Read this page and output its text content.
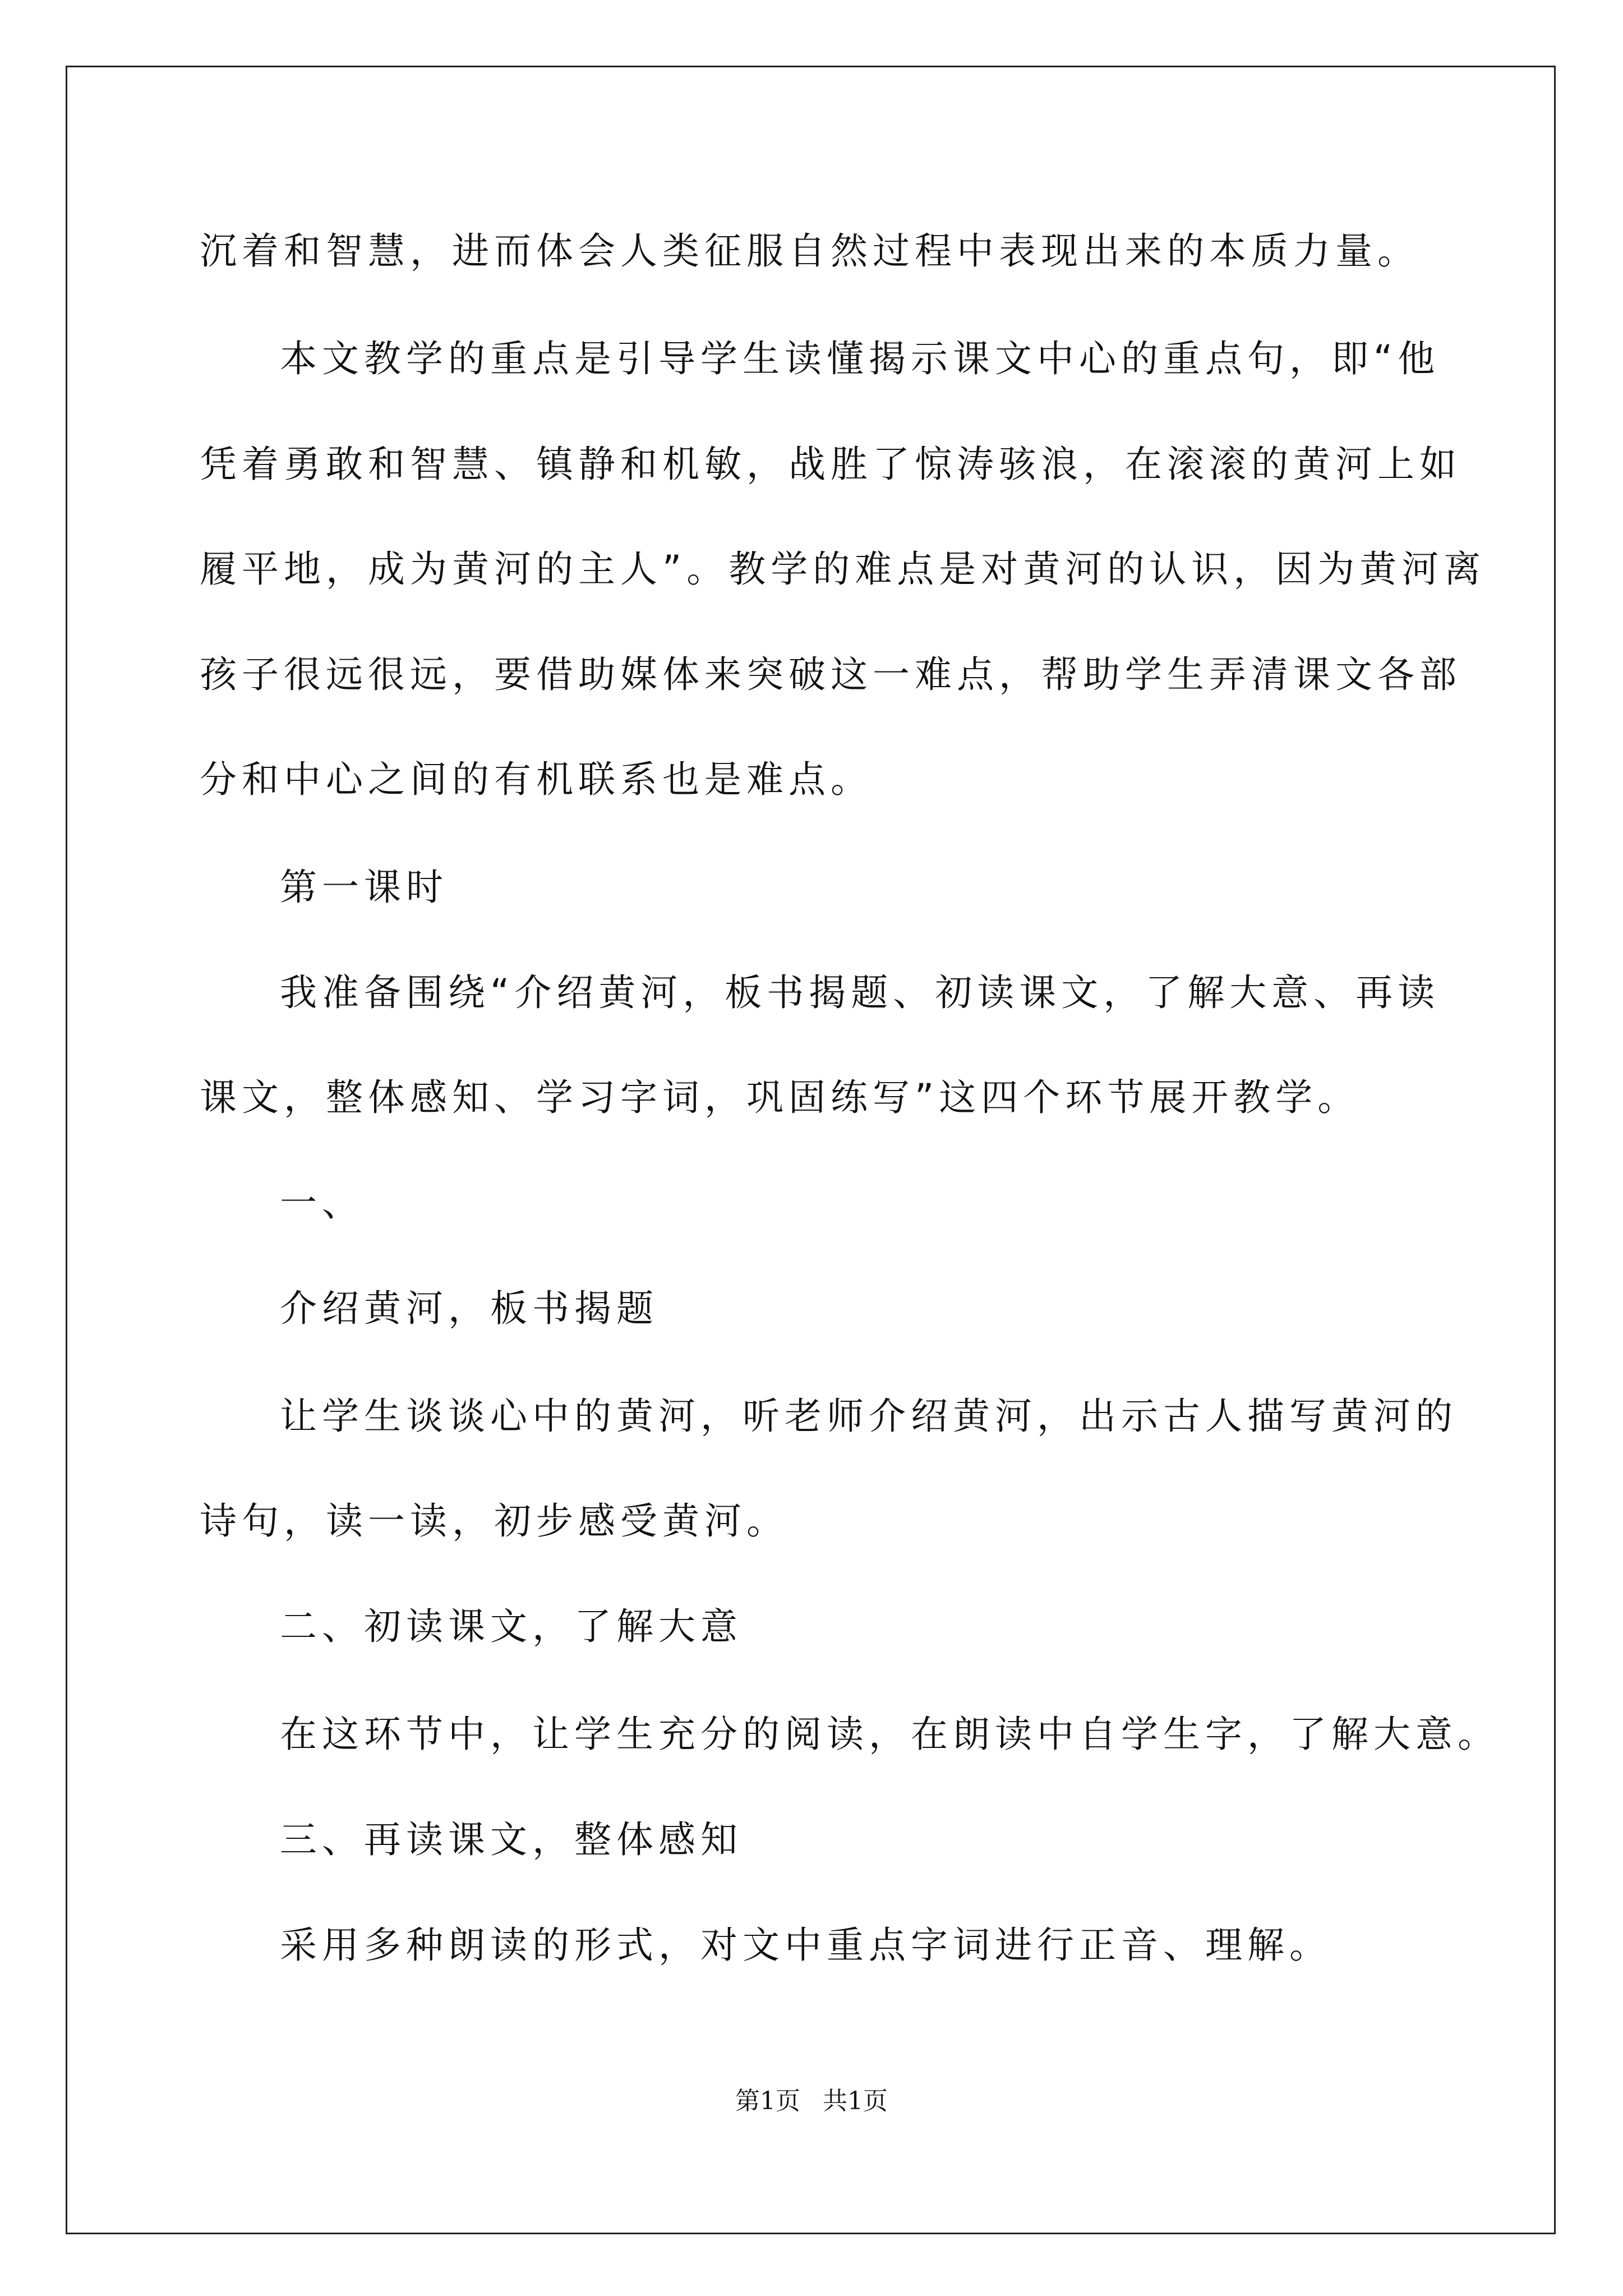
沉着和智慧，进而体会人类征服自然过程中表现出来的本质力量。
本文教学的重点是引导学生读懂揭示课文中心的重点句，即“他
凭着勇敢和智慧、镇静和机敏，战胜了惊涛骇浪，在滚滚的黄河上如
履平地，成为黄河的主人”。教学的难点是对黄河的认识，因为黄河离
孩子很远很远，要借助媒体来突破这一难点，帮助学生弄清课文各部
分和中心之间的有机联系也是难点。
第一课时
我准备围绕“介绍黄河，板书揭题、初读课文，了解大意、再读
课文，整体感知、学习字词，巩固练写”这四个环节展开教学。
一、
介绍黄河，板书揭题
让学生谈谈心中的黄河，听老师介绍黄河，出示古人描写黄河的
诗句，读一读，初步感受黄河。
二、初读课文，了解大意
在这环节中，让学生充分的阅读，在朗读中自学生字，了解大意。
三、再读课文，整体感知
采用多种朗读的形式，对文中重点字词进行正音、理解。
第1页 共1页
